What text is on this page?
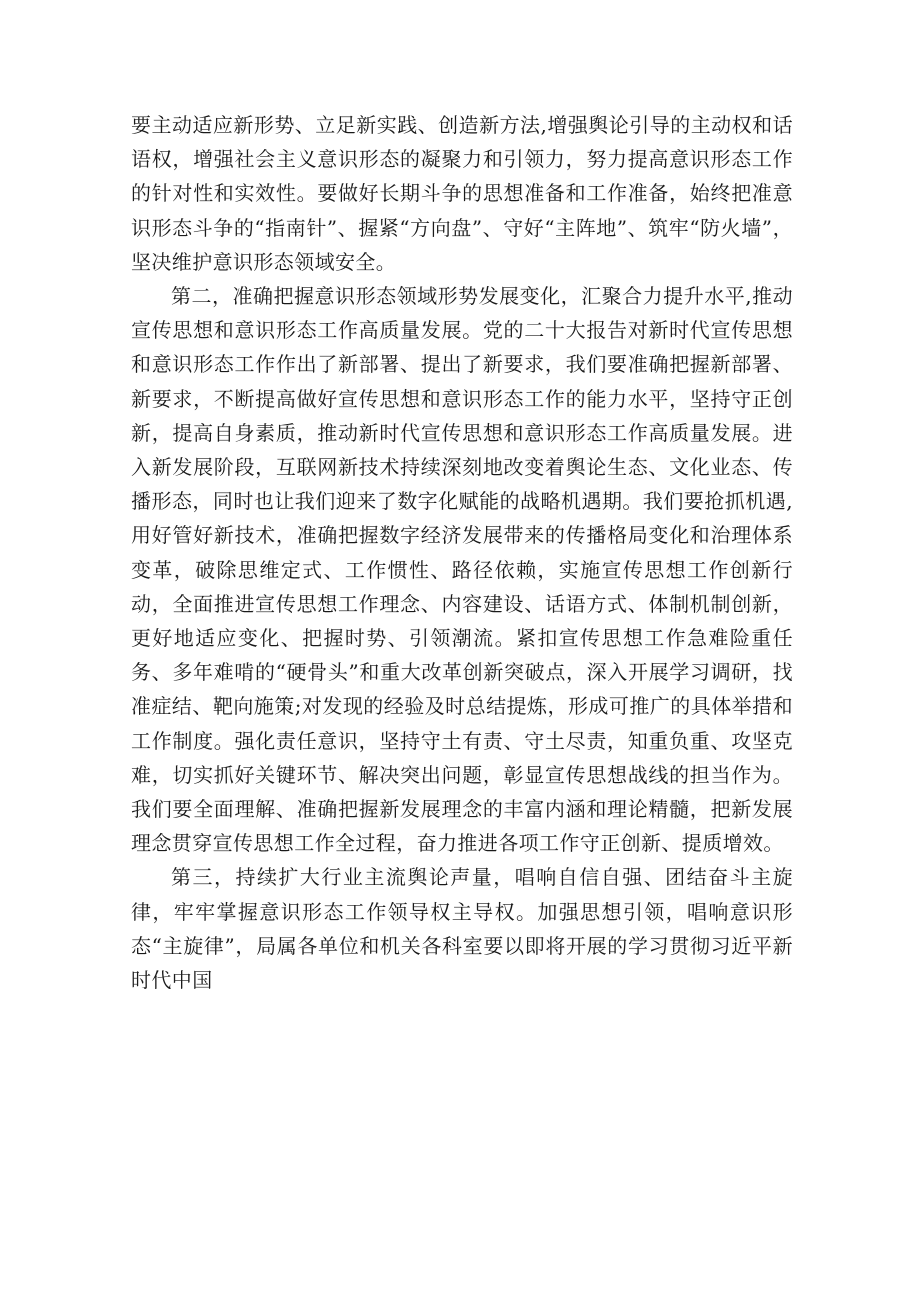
要主动适应新形势、立足新实践、创造新方法,增强舆论引导的主动权和话语权，增强社会主义意识形态的凝聚力和引领力，努力提高意识形态工作的针对性和实效性。要做好长期斗争的思想准备和工作准备，始终把准意识形态斗争的“指南针”、握紧“方向盘”、守好“主阵地”、筑牢“防火墙”，坚决维护意识形态领域安全。

第二，准确把握意识形态领域形势发展变化，汇聚合力提升水平,推动宣传思想和意识形态工作高质量发展。党的二十大报告对新时代宣传思想和意识形态工作作出了新部署、提出了新要求，我们要准确把握新部署、新要求，不断提高做好宣传思想和意识形态工作的能力水平，坚持守正创新，提高自身素质，推动新时代宣传思想和意识形态工作高质量发展。进入新发展阶段，互联网新技术持续深刻地改变着舆论生态、文化业态、传播形态，同时也让我们迎来了数字化赋能的战略机遇期。我们要抢抓机遇,用好管好新技术，准确把握数字经济发展带来的传播格局变化和治理体系变革，破除思维定式、工作惯性、路径依赖，实施宣传思想工作创新行动，全面推进宣传思想工作理念、内容建设、话语方式、体制机制创新，更好地适应变化、把握时势、引领潮流。紧扣宣传思想工作急难险重任务、多年难啃的“硬骨头”和重大改革创新突破点，深入开展学习调研，找准症结、靶向施策;对发现的经验及时总结提炼，形成可推广的具体举措和工作制度。强化责任意识，坚持守土有责、守土尽责，知重负重、攻坚克难，切实抓好关键环节、解决突出问题，彰显宣传思想战线的担当作为。我们要全面理解、准确把握新发展理念的丰富内涵和理论精髓，把新发展理念贯穿宣传思想工作全过程，奋力推进各项工作守正创新、提质增效。

第三，持续扩大行业主流舆论声量，唱响自信自强、团结奋斗主旋律，牢牢掌握意识形态工作领导权主导权。加强思想引领，唱响意识形态“主旋律”，局属各单位和机关各科室要以即将开展的学习贯彻习近平新时代中国
